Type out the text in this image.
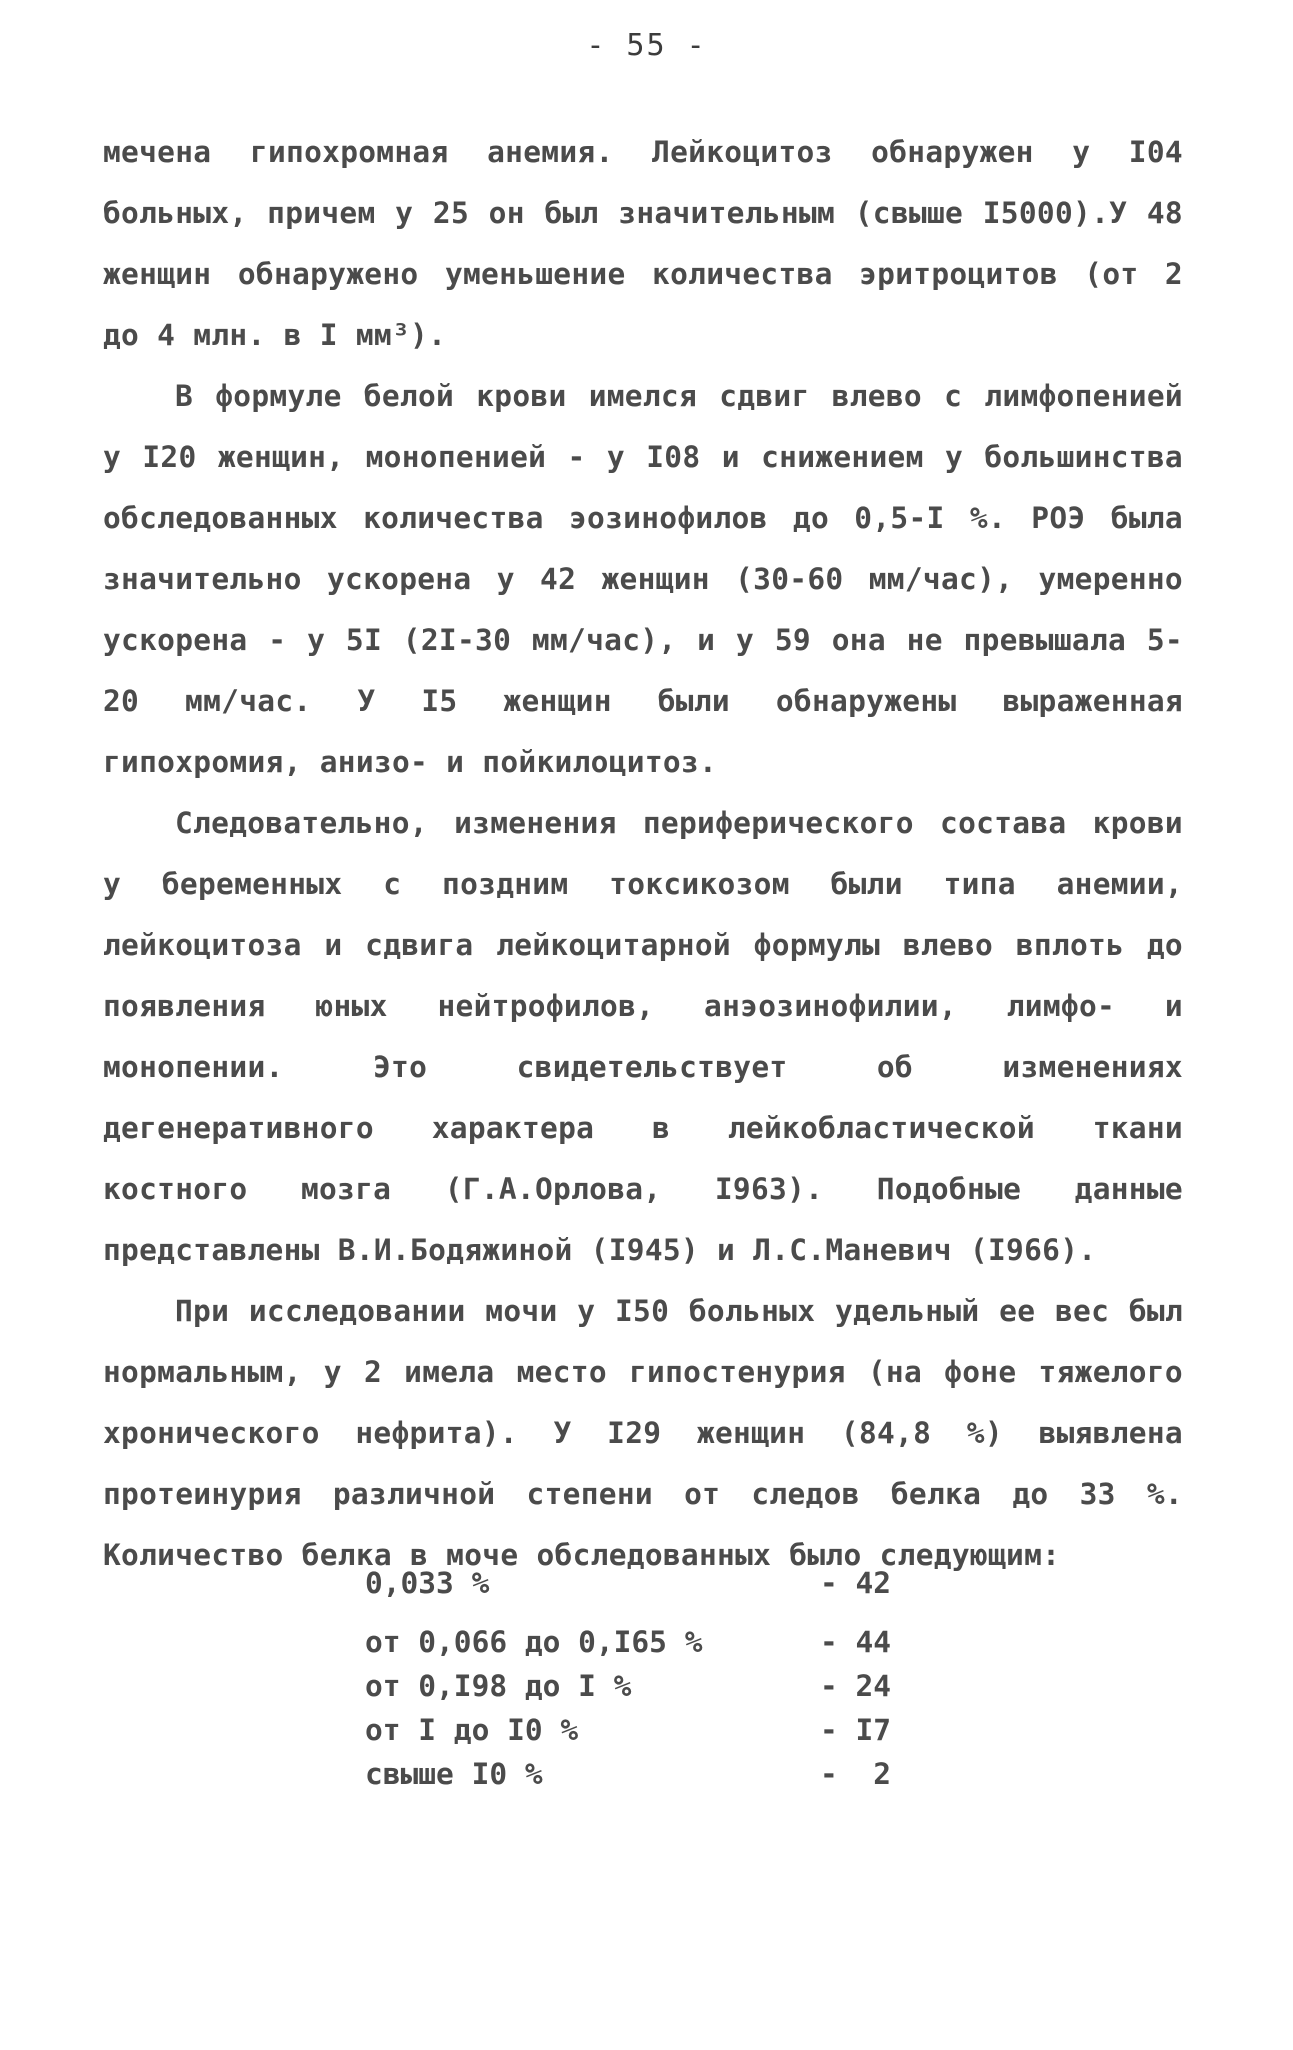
- 55 -

мечена гипохромная анемия. Лейкоцитоз обнаружен у I04 больных, причем у 25 он был значительным (свыше I5000).У 48 женщин обнаружено уменьшение количества эритроцитов (от 2 до 4 млн. в I мм³).

В формуле белой крови имелся сдвиг влево с лимфопенией у I20 женщин, монопенией - у I08 и снижением у большинства обследованных количества эозинофилов до 0,5-I %. РОЭ была значительно ускорена у 42 женщин (30-60 мм/час), умеренно ускорена - у 5I (2I-30 мм/час), и у 59 она не превышала 5-20 мм/час. У I5 женщин были обнаружены выраженная гипохромия, анизо- и пойкилоцитоз.

Следовательно, изменения периферического состава крови у беременных с поздним токсикозом были типа анемии, лейкоцитоза и сдвига лейкоцитарной формулы влево вплоть до появления юных нейтрофилов, анэозинофилии, лимфо- и монопении. Это свидетельствует об изменениях дегенеративного характера в лейкобластической ткани костного мозга (Г.А.Орлова, I963). Подобные данные представлены В.И.Бодяжиной (I945) и Л.С.Маневич (I966).

При исследовании мочи у I50 больных удельный ее вес был нормальным, у 2 имела место гипостенурия (на фоне тяжелого хронического нефрита). У I29 женщин (84,8 %) выявлена протеинурия различной степени от следов белка до 33 %. Количество белка в моче обследованных было следующим:

0,033 %	- 42
от 0,066 до 0,I65 %	- 44
от 0,I98 до I %	- 24
от I до I0 %	- I7
свыше I0 %	-  2
